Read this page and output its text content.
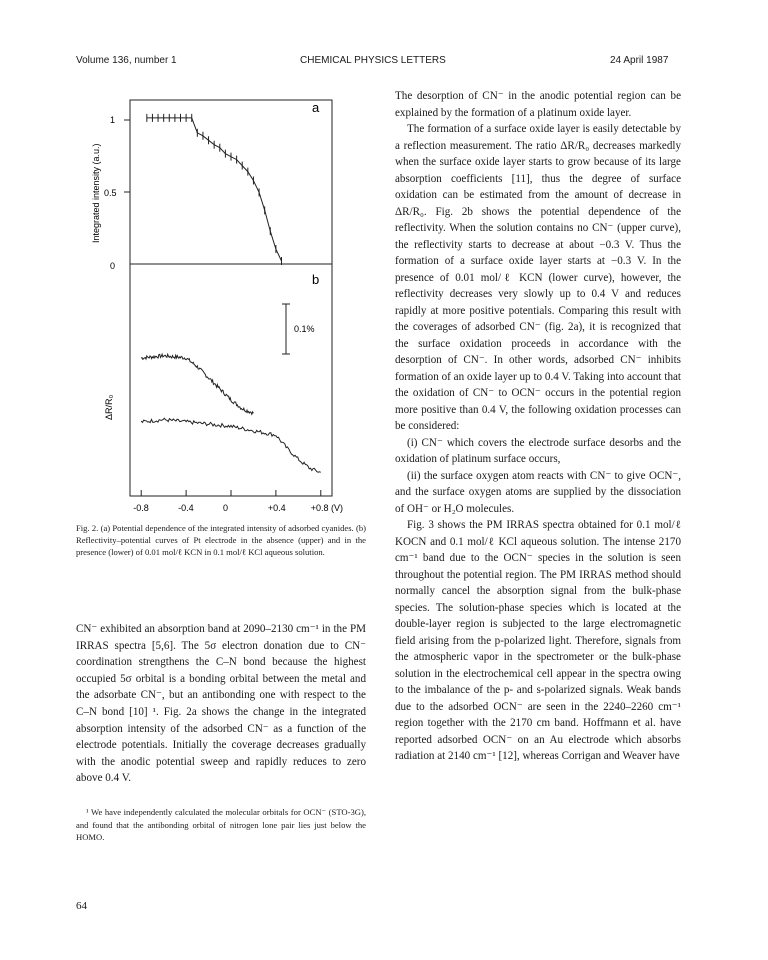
Volume 136, number 1	CHEMICAL PHYSICS LETTERS	24 April 1987
a
Integrated intensity (a.u.)
1
0.5
0
b
ΔR/R₀
0.1%
-0.8	-0.4	0	+0.4	+0.8 (V)
Fig. 2. (a) Potential dependence of the integrated intensity of adsorbed cyanides. (b) Reflectivity–potential curves of Pt electrode in the absence (upper) and in the presence (lower) of 0.01 mol/ℓ KCN in 0.1 mol/ℓ KCl aqueous solution.

CN⁻ exhibited an absorption band at 2090–2130 cm⁻¹ in the PM IRRAS spectra [5,6]. The 5σ electron donation due to CN⁻ coordination strengthens the C–N bond because the highest occupied 5σ orbital is a bonding orbital between the metal and the adsorbate CN⁻, but an antibonding one with respect to the C–N bond [10] ¹. Fig. 2a shows the change in the integrated absorption intensity of the adsorbed CN⁻ as a function of the electrode potentials. Initially the coverage decreases gradually with the anodic potential sweep and rapidly reduces to zero above 0.4 V.

¹ We have independently calculated the molecular orbitals for OCN⁻ (STO-3G), and found that the antibonding orbital of nitrogen lone pair lies just below the HOMO.

The desorption of CN⁻ in the anodic potential region can be explained by the formation of a platinum oxide layer.

The formation of a surface oxide layer is easily detectable by a reflection measurement. The ratio ΔR/R₀ decreases markedly when the surface oxide layer starts to grow because of its large absorption coefficients [11], thus the degree of surface oxidation can be estimated from the amount of decrease in ΔR/R₀. Fig. 2b shows the potential dependence of the reflectivity. When the solution contains no CN⁻ (upper curve), the reflectivity starts to decrease at about −0.3 V. Thus the formation of a surface oxide layer starts at −0.3 V. In the presence of 0.01 mol/ℓ KCN (lower curve), however, the reflectivity decreases very slowly up to 0.4 V and reduces rapidly at more positive potentials. Comparing this result with the coverages of adsorbed CN⁻ (fig. 2a), it is recognized that the surface oxidation proceeds in accordance with the desorption of CN⁻. In other words, adsorbed CN⁻ inhibits formation of an oxide layer up to 0.4 V. Taking into account that the oxidation of CN⁻ to OCN⁻ occurs in the potential region more positive than 0.4 V, the following oxidation processes can be considered:

(i) CN⁻ which covers the electrode surface desorbs and the oxidation of platinum surface occurs,

(ii) the surface oxygen atom reacts with CN⁻ to give OCN⁻, and the surface oxygen atoms are supplied by the dissociation of OH⁻ or H₂O molecules.

Fig. 3 shows the PM IRRAS spectra obtained for 0.1 mol/ℓ KOCN and 0.1 mol/ℓ KCl aqueous solution. The intense 2170 cm⁻¹ band due to the OCN⁻ species in the solution is seen throughout the potential region. The PM IRRAS method should normally cancel the absorption signal from the bulk-phase species. The solution-phase species which is located at the double-layer region is subjected to the large electromagnetic field arising from the p-polarized light. Therefore, signals from the atmospheric vapor in the spectrometer or the bulk-phase solution in the electrochemical cell appear in the spectra owing to the imbalance of the p- and s-polarized signals. Weak bands due to the adsorbed OCN⁻ are seen in the 2240–2260 cm⁻¹ region together with the 2170 cm band. Hoffmann et al. have reported adsorbed OCN⁻ on an Au electrode which absorbs radiation at 2140 cm⁻¹ [12], whereas Corrigan and Weaver have

64
